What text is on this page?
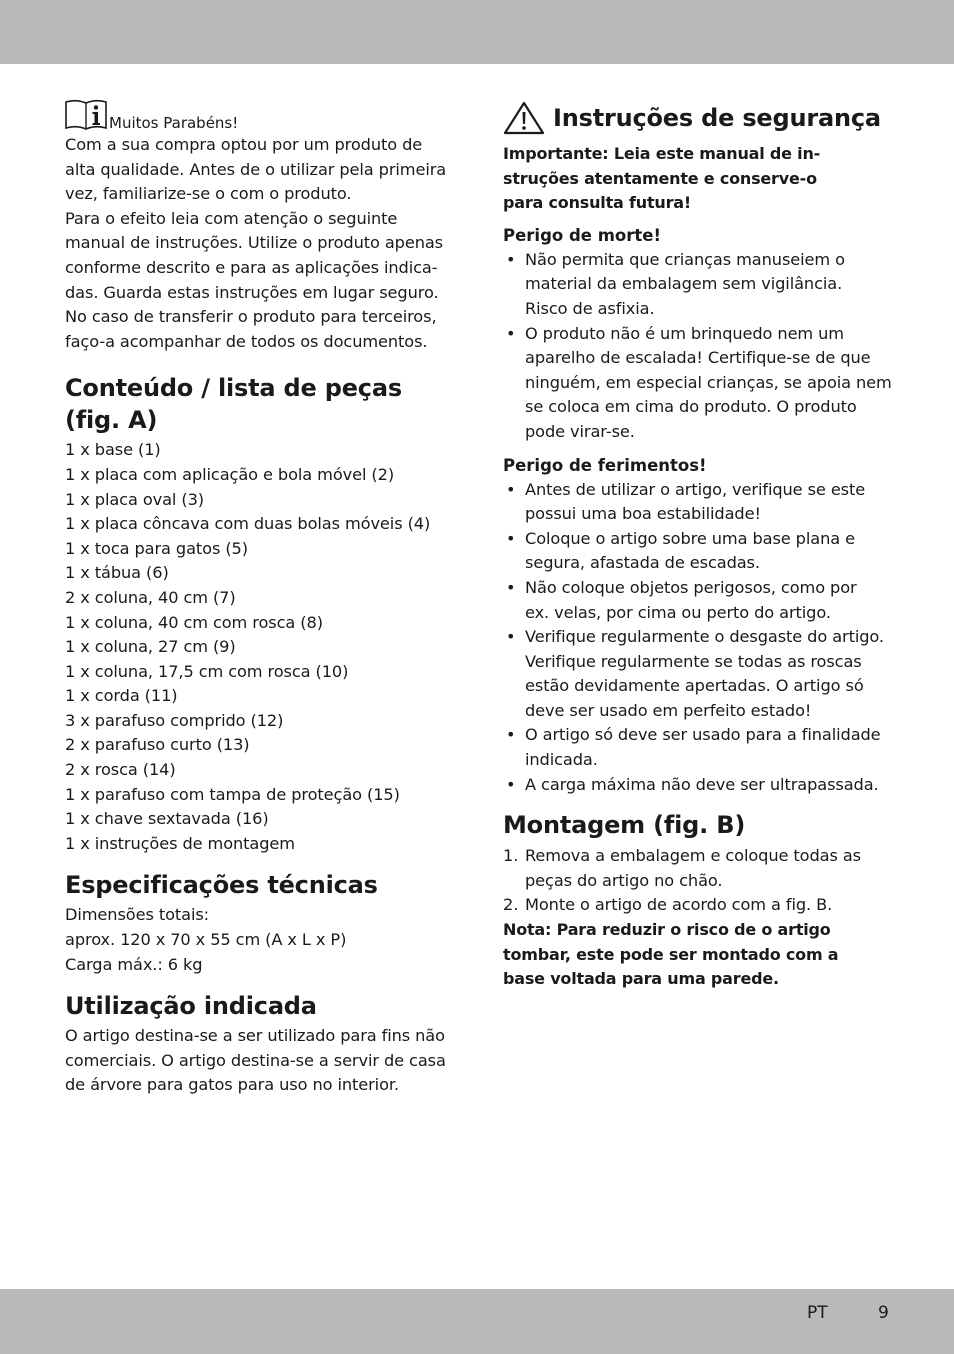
Muitos Parabéns!

Com a sua compra optou por um produto de

alta qualidade. Antes de o utilizar pela primeira

vez, familiarize-se o com o produto.

Para o efeito leia com atenção o seguinte

manual de instruções. Utilize o produto apenas

conforme descrito e para as aplicações indica-

das. Guarda estas instruções em lugar seguro.

No caso de transferir o produto para terceiros,

faço-a acompanhar de todos os documentos.

Conteúdo / lista de peças
(fig. A)

1 x base (1)

1 x placa com aplicação e bola móvel (2)

1 x placa oval (3)

1 x placa côncava com duas bolas móveis (4)

1 x toca para gatos (5)

1 x tábua (6)

2 x coluna, 40 cm (7)

1 x coluna, 40 cm com rosca (8)

1 x coluna, 27 cm (9)

1 x coluna, 17,5 cm com rosca (10)

1 x corda (11)

3 x parafuso comprido (12)

2 x parafuso curto (13)

2 x rosca (14)

1 x parafuso com tampa de proteção (15)

1 x chave sextavada (16)

1 x instruções de montagem

Especificações técnicas

Dimensões totais:

aprox. 120 x 70 x 55 cm (A x L x P)

Carga máx.: 6 kg

Utilização indicada

O artigo destina-se a ser utilizado para fins não

comerciais. O artigo destina-se a servir de casa

de árvore para gatos para uso no interior.

Instruções de segurança

Importante: Leia este manual de in-

struções atentamente e conserve-o

para consulta futura!

Perigo de morte!
• Não permita que crianças manuseiem o
material da embalagem sem vigilância.
Risco de asfixia.
• O produto não é um brinquedo nem um
aparelho de escalada! Certifique-se de que
ninguém, em especial crianças, se apoia nem
se coloca em cima do produto. O produto
pode virar-se.
Perigo de ferimentos!
• Antes de utilizar o artigo, verifique se este
possui uma boa estabilidade!
• Coloque o artigo sobre uma base plana e
segura, afastada de escadas.
• Não coloque objetos perigosos, como por
ex. velas, por cima ou perto do artigo.
• Verifique regularmente o desgaste do artigo.
Verifique regularmente se todas as roscas
estão devidamente apertadas. O artigo só
deve ser usado em perfeito estado!
• O artigo só deve ser usado para a finalidade
indicada.
• A carga máxima não deve ser ultrapassada.
Montagem (fig. B)
1. Remova a embalagem e coloque todas as
peças do artigo no chão.
2. Monte o artigo de acordo com a fig. B.

Nota: Para reduzir o risco de o artigo

tombar, este pode ser montado com a

base voltada para uma parede.

PT	9
